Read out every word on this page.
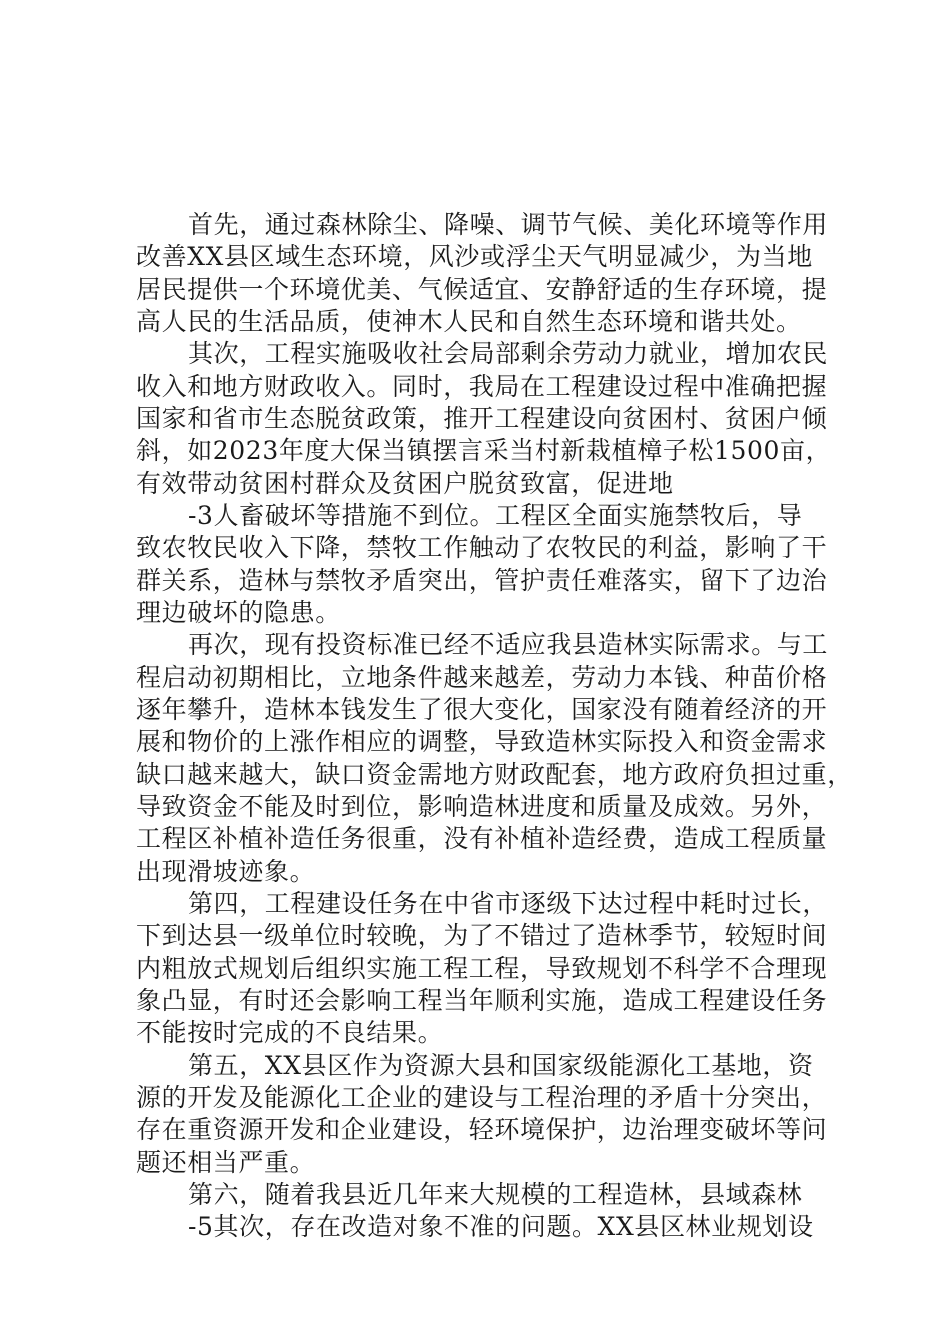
首先，通过森林除尘、降噪、调节气候、美化环境等作用
改善XX县区域生态环境，风沙或浮尘天气明显减少，为当地
居民提供一个环境优美、气候适宜、安静舒适的生存环境，提
高人民的生活品质，使神木人民和自然生态环境和谐共处。
其次，工程实施吸收社会局部剩余劳动力就业，增加农民
收入和地方财政收入。同时，我局在工程建设过程中准确把握
国家和省市生态脱贫政策，推开工程建设向贫困村、贫困户倾
斜，如2023年度大保当镇摆言采当村新栽植樟子松1500亩，
有效带动贫困村群众及贫困户脱贫致富，促进地
-3人畜破坏等措施不到位。工程区全面实施禁牧后，导
致农牧民收入下降，禁牧工作触动了农牧民的利益，影响了干
群关系，造林与禁牧矛盾突出，管护责任难落实，留下了边治
理边破坏的隐患。
再次，现有投资标准已经不适应我县造林实际需求。与工
程启动初期相比，立地条件越来越差，劳动力本钱、种苗价格
逐年攀升，造林本钱发生了很大变化，国家没有随着经济的开
展和物价的上涨作相应的调整，导致造林实际投入和资金需求
缺口越来越大，缺口资金需地方财政配套，地方政府负担过重，
导致资金不能及时到位，影响造林进度和质量及成效。另外，
工程区补植补造任务很重，没有补植补造经费，造成工程质量
出现滑坡迹象。
第四，工程建设任务在中省市逐级下达过程中耗时过长，
下到达县一级单位时较晚，为了不错过了造林季节，较短时间
内粗放式规划后组织实施工程工程，导致规划不科学不合理现
象凸显，有时还会影响工程当年顺利实施，造成工程建设任务
不能按时完成的不良结果。
第五，XX县区作为资源大县和国家级能源化工基地，资
源的开发及能源化工企业的建设与工程治理的矛盾十分突出，
存在重资源开发和企业建设，轻环境保护，边治理变破坏等问
题还相当严重。
第六，随着我县近几年来大规模的工程造林，县域森林
-5其次，存在改造对象不准的问题。XX县区林业规划设
